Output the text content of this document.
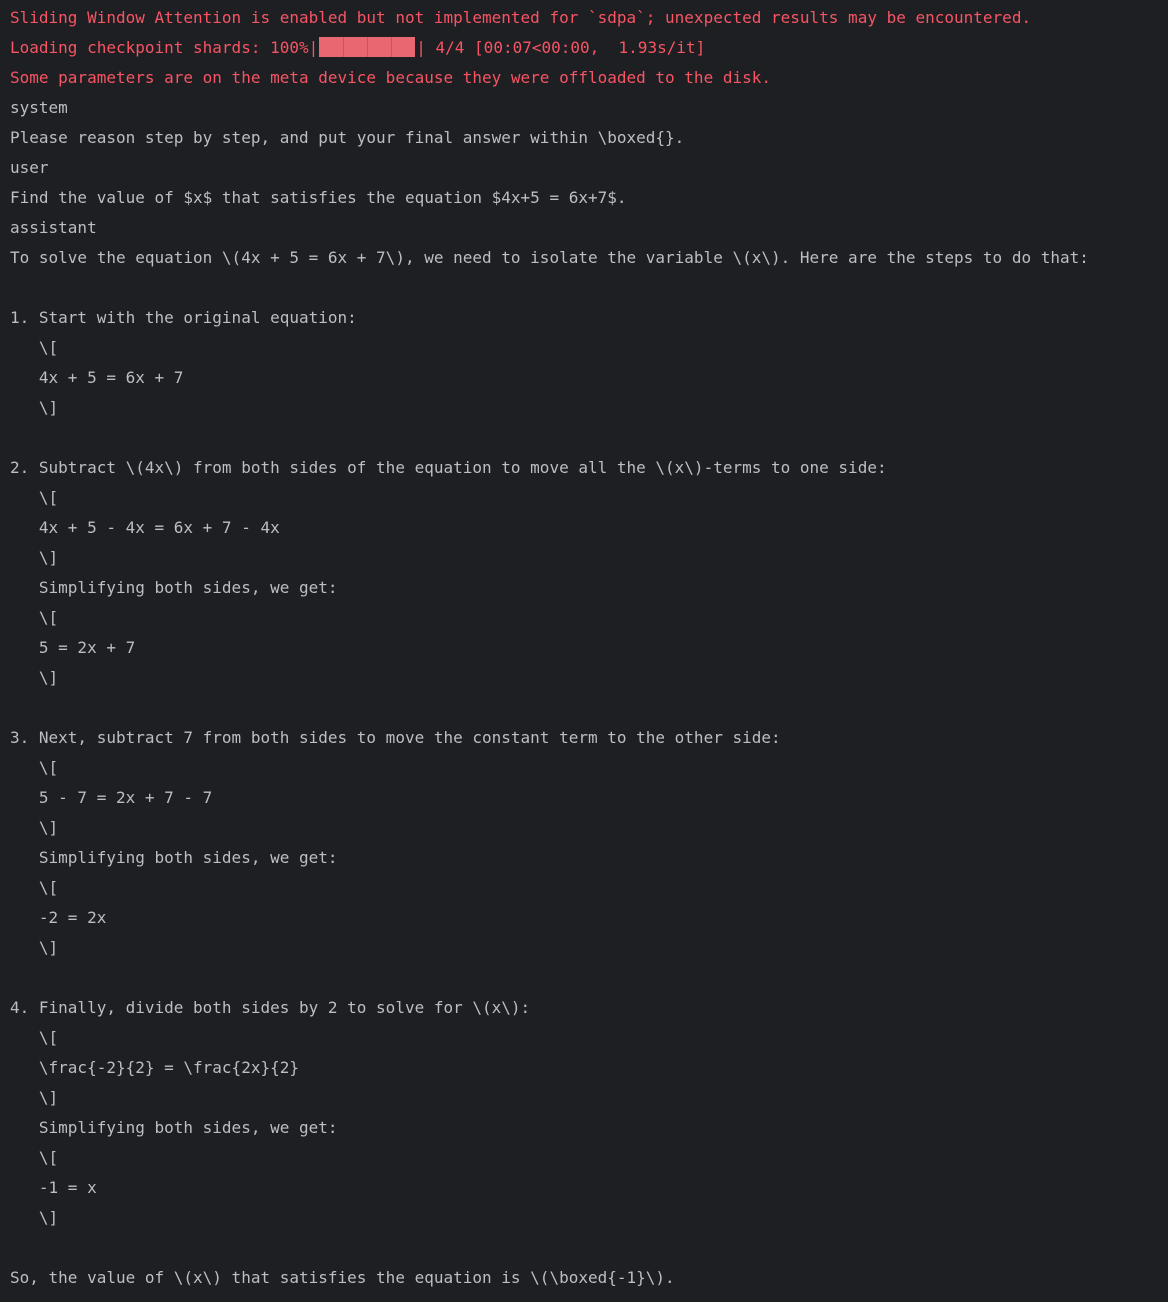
Sliding Window Attention is enabled but not implemented for `sdpa`; unexpected results may be encountered.
Loading checkpoint shards: 100%|	| 4/4 [00:07<00:00,  1.93s/it]
Some parameters are on the meta device because they were offloaded to the disk.
system
Please reason step by step, and put your final answer within \boxed{}.
user
Find the value of $x$ that satisfies the equation $4x+5 = 6x+7$.
assistant
To solve the equation \(4x + 5 = 6x + 7\), we need to isolate the variable \(x\). Here are the steps to do that:
1. Start with the original equation:
\[
4x + 5 = 6x + 7
\]
2. Subtract \(4x\) from both sides of the equation to move all the \(x\)-terms to one side:
\[
4x + 5 - 4x = 6x + 7 - 4x
\]
Simplifying both sides, we get:
\[
5 = 2x + 7
\]
3. Next, subtract 7 from both sides to move the constant term to the other side:
\[
5 - 7 = 2x + 7 - 7
\]
Simplifying both sides, we get:
\[
-2 = 2x
\]
4. Finally, divide both sides by 2 to solve for \(x\):
\[
\frac{-2}{2} = \frac{2x}{2}
\]
Simplifying both sides, we get:
\[
-1 = x
\]
So, the value of \(x\) that satisfies the equation is \(\boxed{-1}\).
